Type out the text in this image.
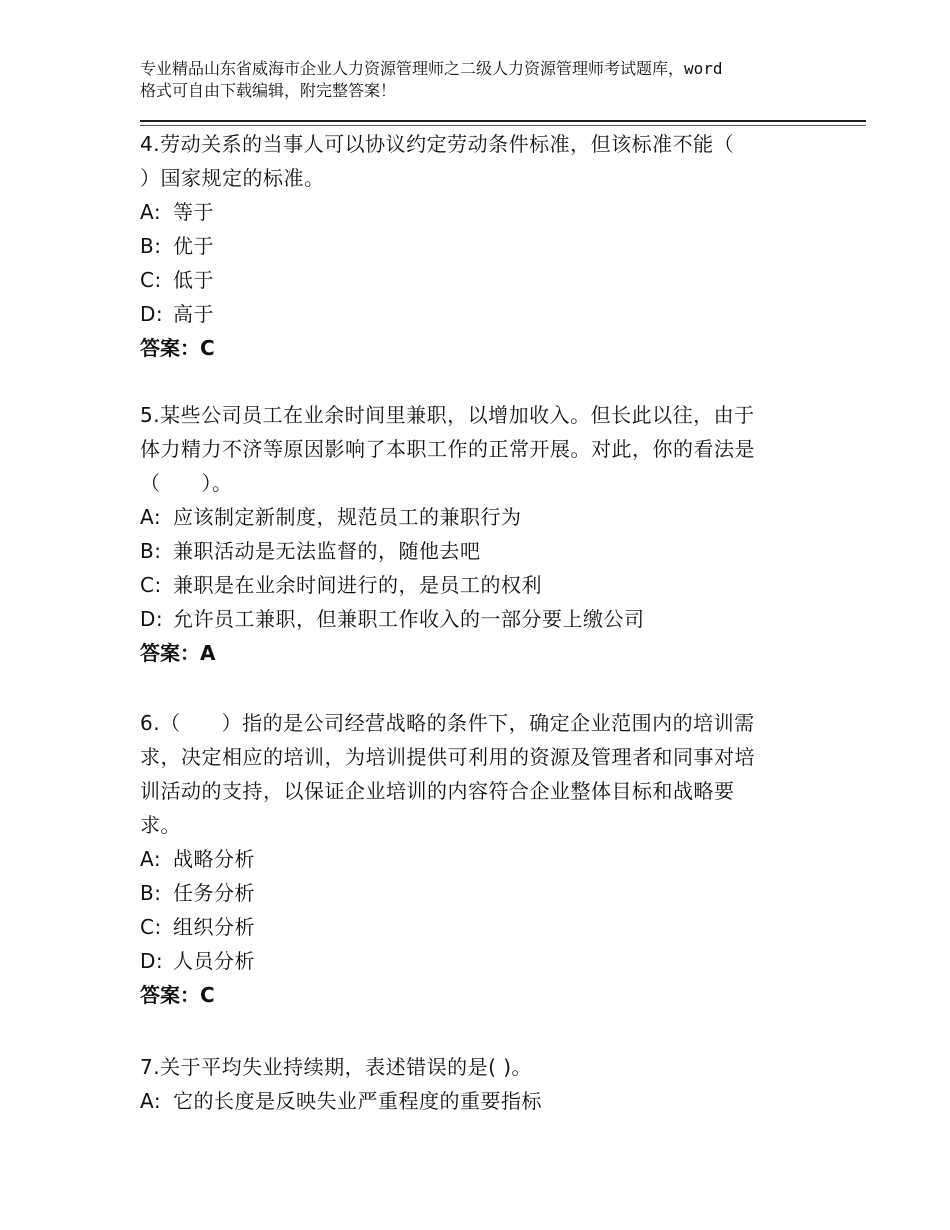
专业精品山东省威海市企业人力资源管理师之二级人力资源管理师考试题库，word
格式可自由下载编辑，附完整答案！
4.劳动关系的当事人可以协议约定劳动条件标准，但该标准不能（
）国家规定的标准。
A: 等于
B: 优于
C: 低于
D: 高于
答案：C
5.某些公司员工在业余时间里兼职，以增加收入。但长此以往，由于
体力精力不济等原因影响了本职工作的正常开展。对此，你的看法是
（　　）。
A: 应该制定新制度，规范员工的兼职行为
B: 兼职活动是无法监督的，随他去吧
C: 兼职是在业余时间进行的，是员工的权利
D: 允许员工兼职，但兼职工作收入的一部分要上缴公司
答案：A
6.（　　）指的是公司经营战略的条件下，确定企业范围内的培训需
求，决定相应的培训，为培训提供可利用的资源及管理者和同事对培
训活动的支持，以保证企业培训的内容符合企业整体目标和战略要
求。
A: 战略分析
B: 任务分析
C: 组织分析
D: 人员分析
答案：C
7.关于平均失业持续期，表述错误的是( )。
A: 它的长度是反映失业严重程度的重要指标
